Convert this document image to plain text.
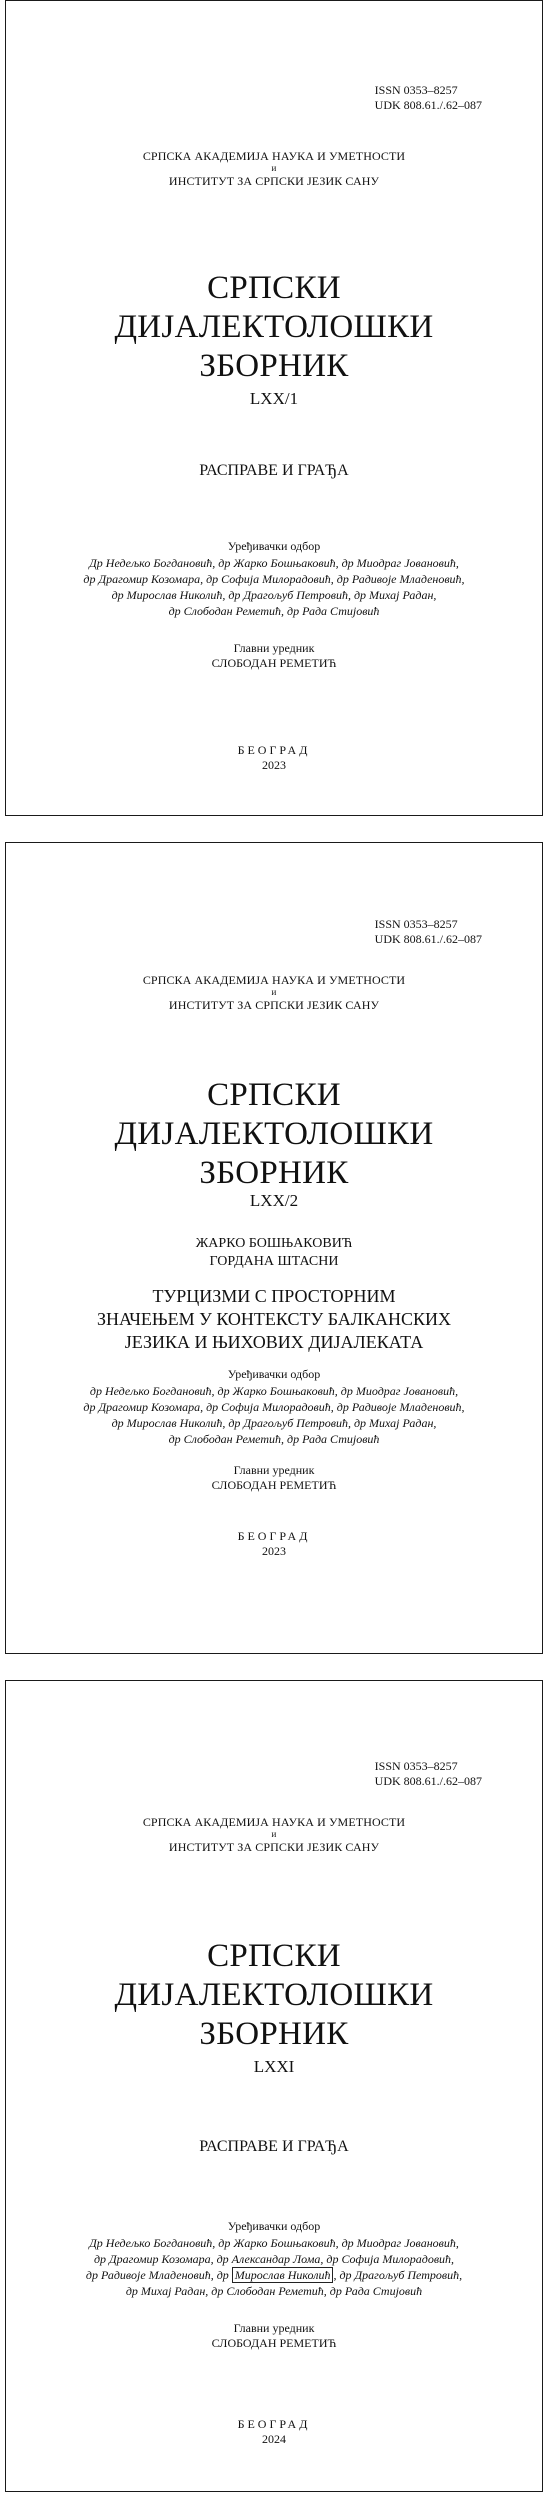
ISSN 0353–8257
UDK 808.61./.62–087
СРПСКА АКАДЕМИЈА НАУКА И УМЕТНОСТИ
и
ИНСТИТУТ ЗА СРПСКИ ЈЕЗИК САНУ
СРПСКИ
ДИЈАЛЕКТОЛОШКИ
ЗБОРНИК
LXX/1
РАСПРАВЕ И ГРАЂА
Уређивачки одбор
Др Недељко Богдановић, др Жарко Бошњаковић, др Миодраг Јовановић,
др Драгомир Козомара, др Софија Милорадовић, др Радивоје Младеновић,
др Мирослав Николић, др Драгољуб Петровић, др Михај Радан,
др Слободан Реметић, др Рада Стијовић
Главни уредник
СЛОБОДАН РЕМЕТИЋ
БЕОГРАД
2023
ISSN 0353–8257
UDK 808.61./.62–087
СРПСКА АКАДЕМИЈА НАУКА И УМЕТНОСТИ
и
ИНСТИТУТ ЗА СРПСКИ ЈЕЗИК САНУ
СРПСКИ
ДИЈАЛЕКТОЛОШКИ
ЗБОРНИК
LXX/2
ЖАРКО БОШЊАКОВИЋ
ГОРДАНА ШТАСНИ
ТУРЦИЗМИ С ПРОСТОРНИМ
ЗНАЧЕЊЕМ У КОНТЕКСТУ БАЛКАНСКИХ
ЈЕЗИКА И ЊИХОВИХ ДИЈАЛЕКАТА
Уређивачки одбор
др Недељко Богдановић, др Жарко Бошњаковић, др Миодраг Јовановић,
др Драгомир Козомара, др Софија Милорадовић, др Радивоје Младеновић,
др Мирослав Николић, др Драгољуб Петровић, др Михај Радан,
др Слободан Реметић, др Рада Стијовић
Главни уредник
СЛОБОДАН РЕМЕТИЋ
БЕОГРАД
2023
ISSN 0353–8257
UDK 808.61./.62–087
СРПСКА АКАДЕМИЈА НАУКА И УМЕТНОСТИ
и
ИНСТИТУТ ЗА СРПСКИ ЈЕЗИК САНУ
СРПСКИ
ДИЈАЛЕКТОЛОШКИ
ЗБОРНИК
LXXI
РАСПРАВЕ И ГРАЂА
Уређивачки одбор
Др Недељко Богдановић, др Жарко Бошњаковић, др Миодраг Јовановић,
др Драгомир Козомара, др Александар Лома, др Софија Милорадовић,
др Радивоје Младеновић, др Мирослав Николић , др Драгољуб Петровић,
др Михај Радан, др Слободан Реметић, др Рада Стијовић
Главни уредник
СЛОБОДАН РЕМЕТИЋ
БЕОГРАД
2024
